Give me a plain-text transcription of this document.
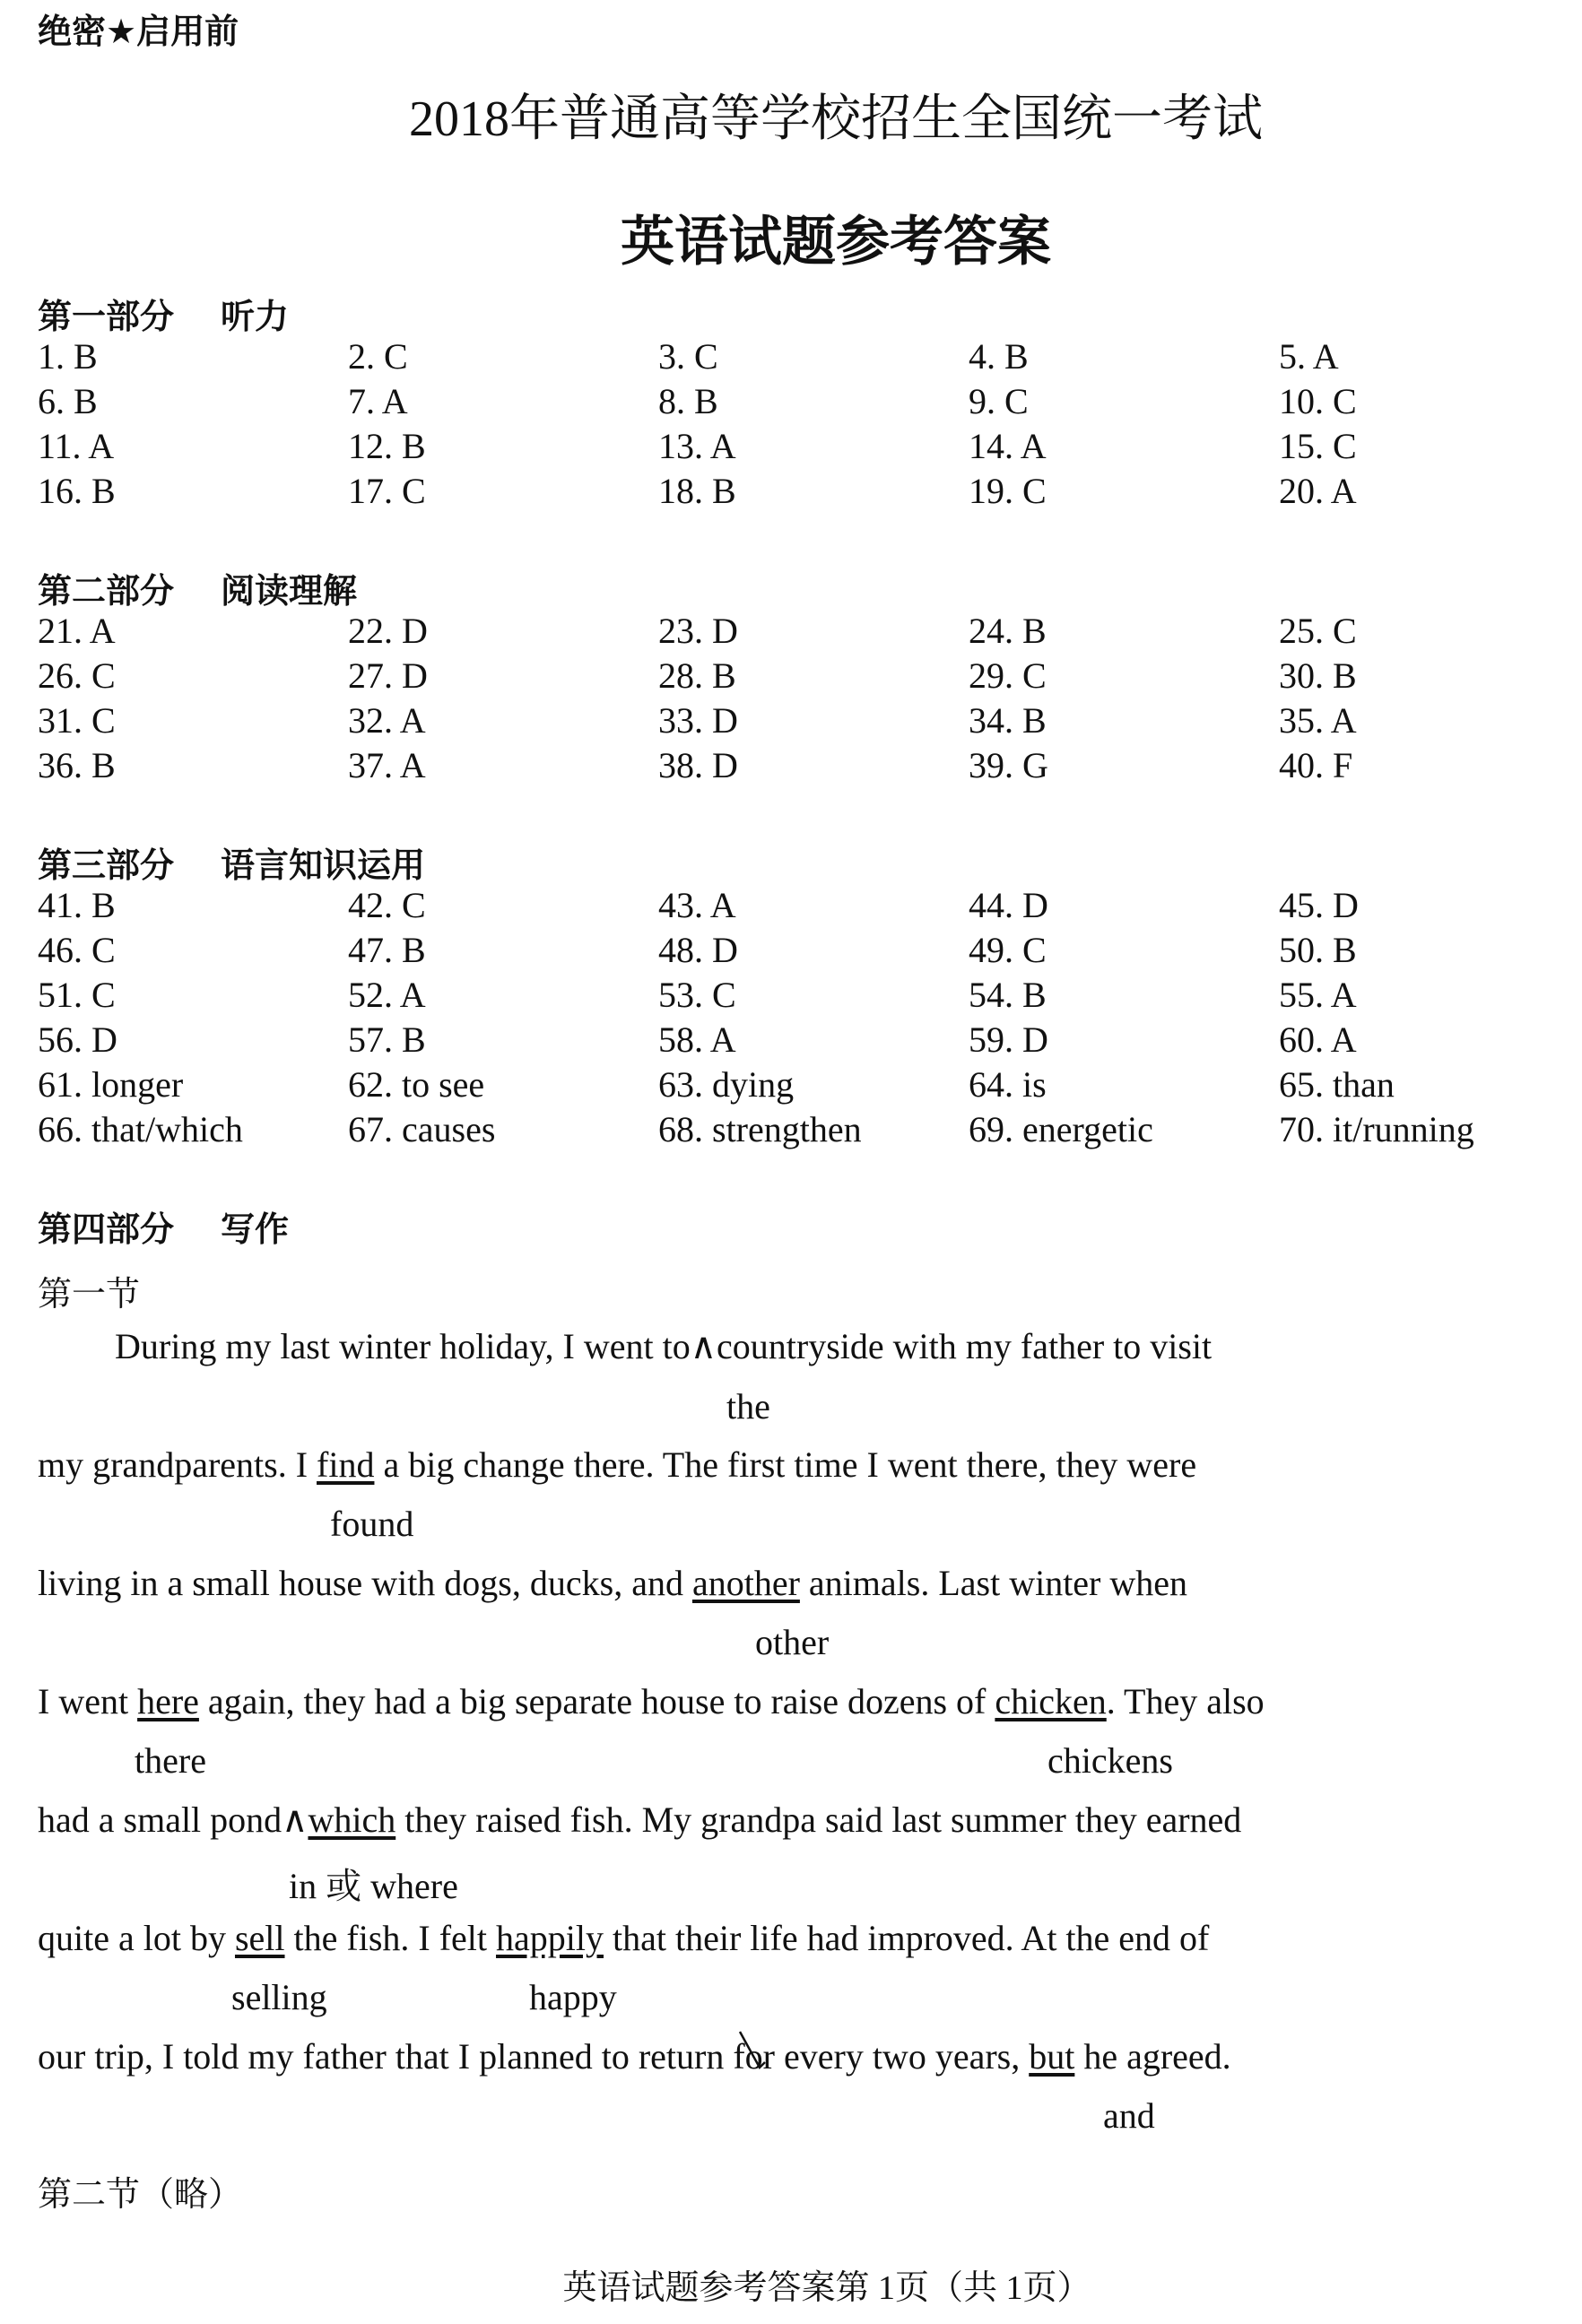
绝密★启用前
2018年普通高等学校招生全国统一考试
英语试题参考答案
第一部分 听力
1. B	2. C	3. C	4. B	5. A
6. B	7. A	8. B	9. C	10. C
11. A	12. B	13. A	14. A	15. C
16. B	17. C	18. B	19. C	20. A
第二部分 阅读理解
21. A	22. D	23. D	24. B	25. C
26. C	27. D	28. B	29. C	30. B
31. C	32. A	33. D	34. B	35. A
36. B	37. A	38. D	39. G	40. F
第三部分 语言知识运用
41. B	42. C	43. A	44. D	45. D
46. C	47. B	48. D	49. C	50. B
51. C	52. A	53. C	54. B	55. A
56. D	57. B	58. A	59. D	60. A
61. longer	62. to see	63. dying	64. is	65. than
66. that/which	67. causes	68. strengthen	69. energetic	70. it/running
第四部分 写作
第一节
During my last winter holiday, I went to∧countryside with my father to visit
the
my grandparents. I find a big change there. The first time I went there, they were
found
living in a small house with dogs, ducks, and another animals. Last winter when
other
I went here again, they had a big separate house to raise dozens of chicken. They also
there	chickens
had a small pond∧which they raised fish. My grandpa said last summer they earned
in 或 where
quite a lot by sell the fish. I felt happily that their life had improved. At the end of
selling	happy
our trip, I told my father that I planned to return for
every two years, but he agreed.
and
第二节（略）
英语试题参考答案第 1页（共 1页）
